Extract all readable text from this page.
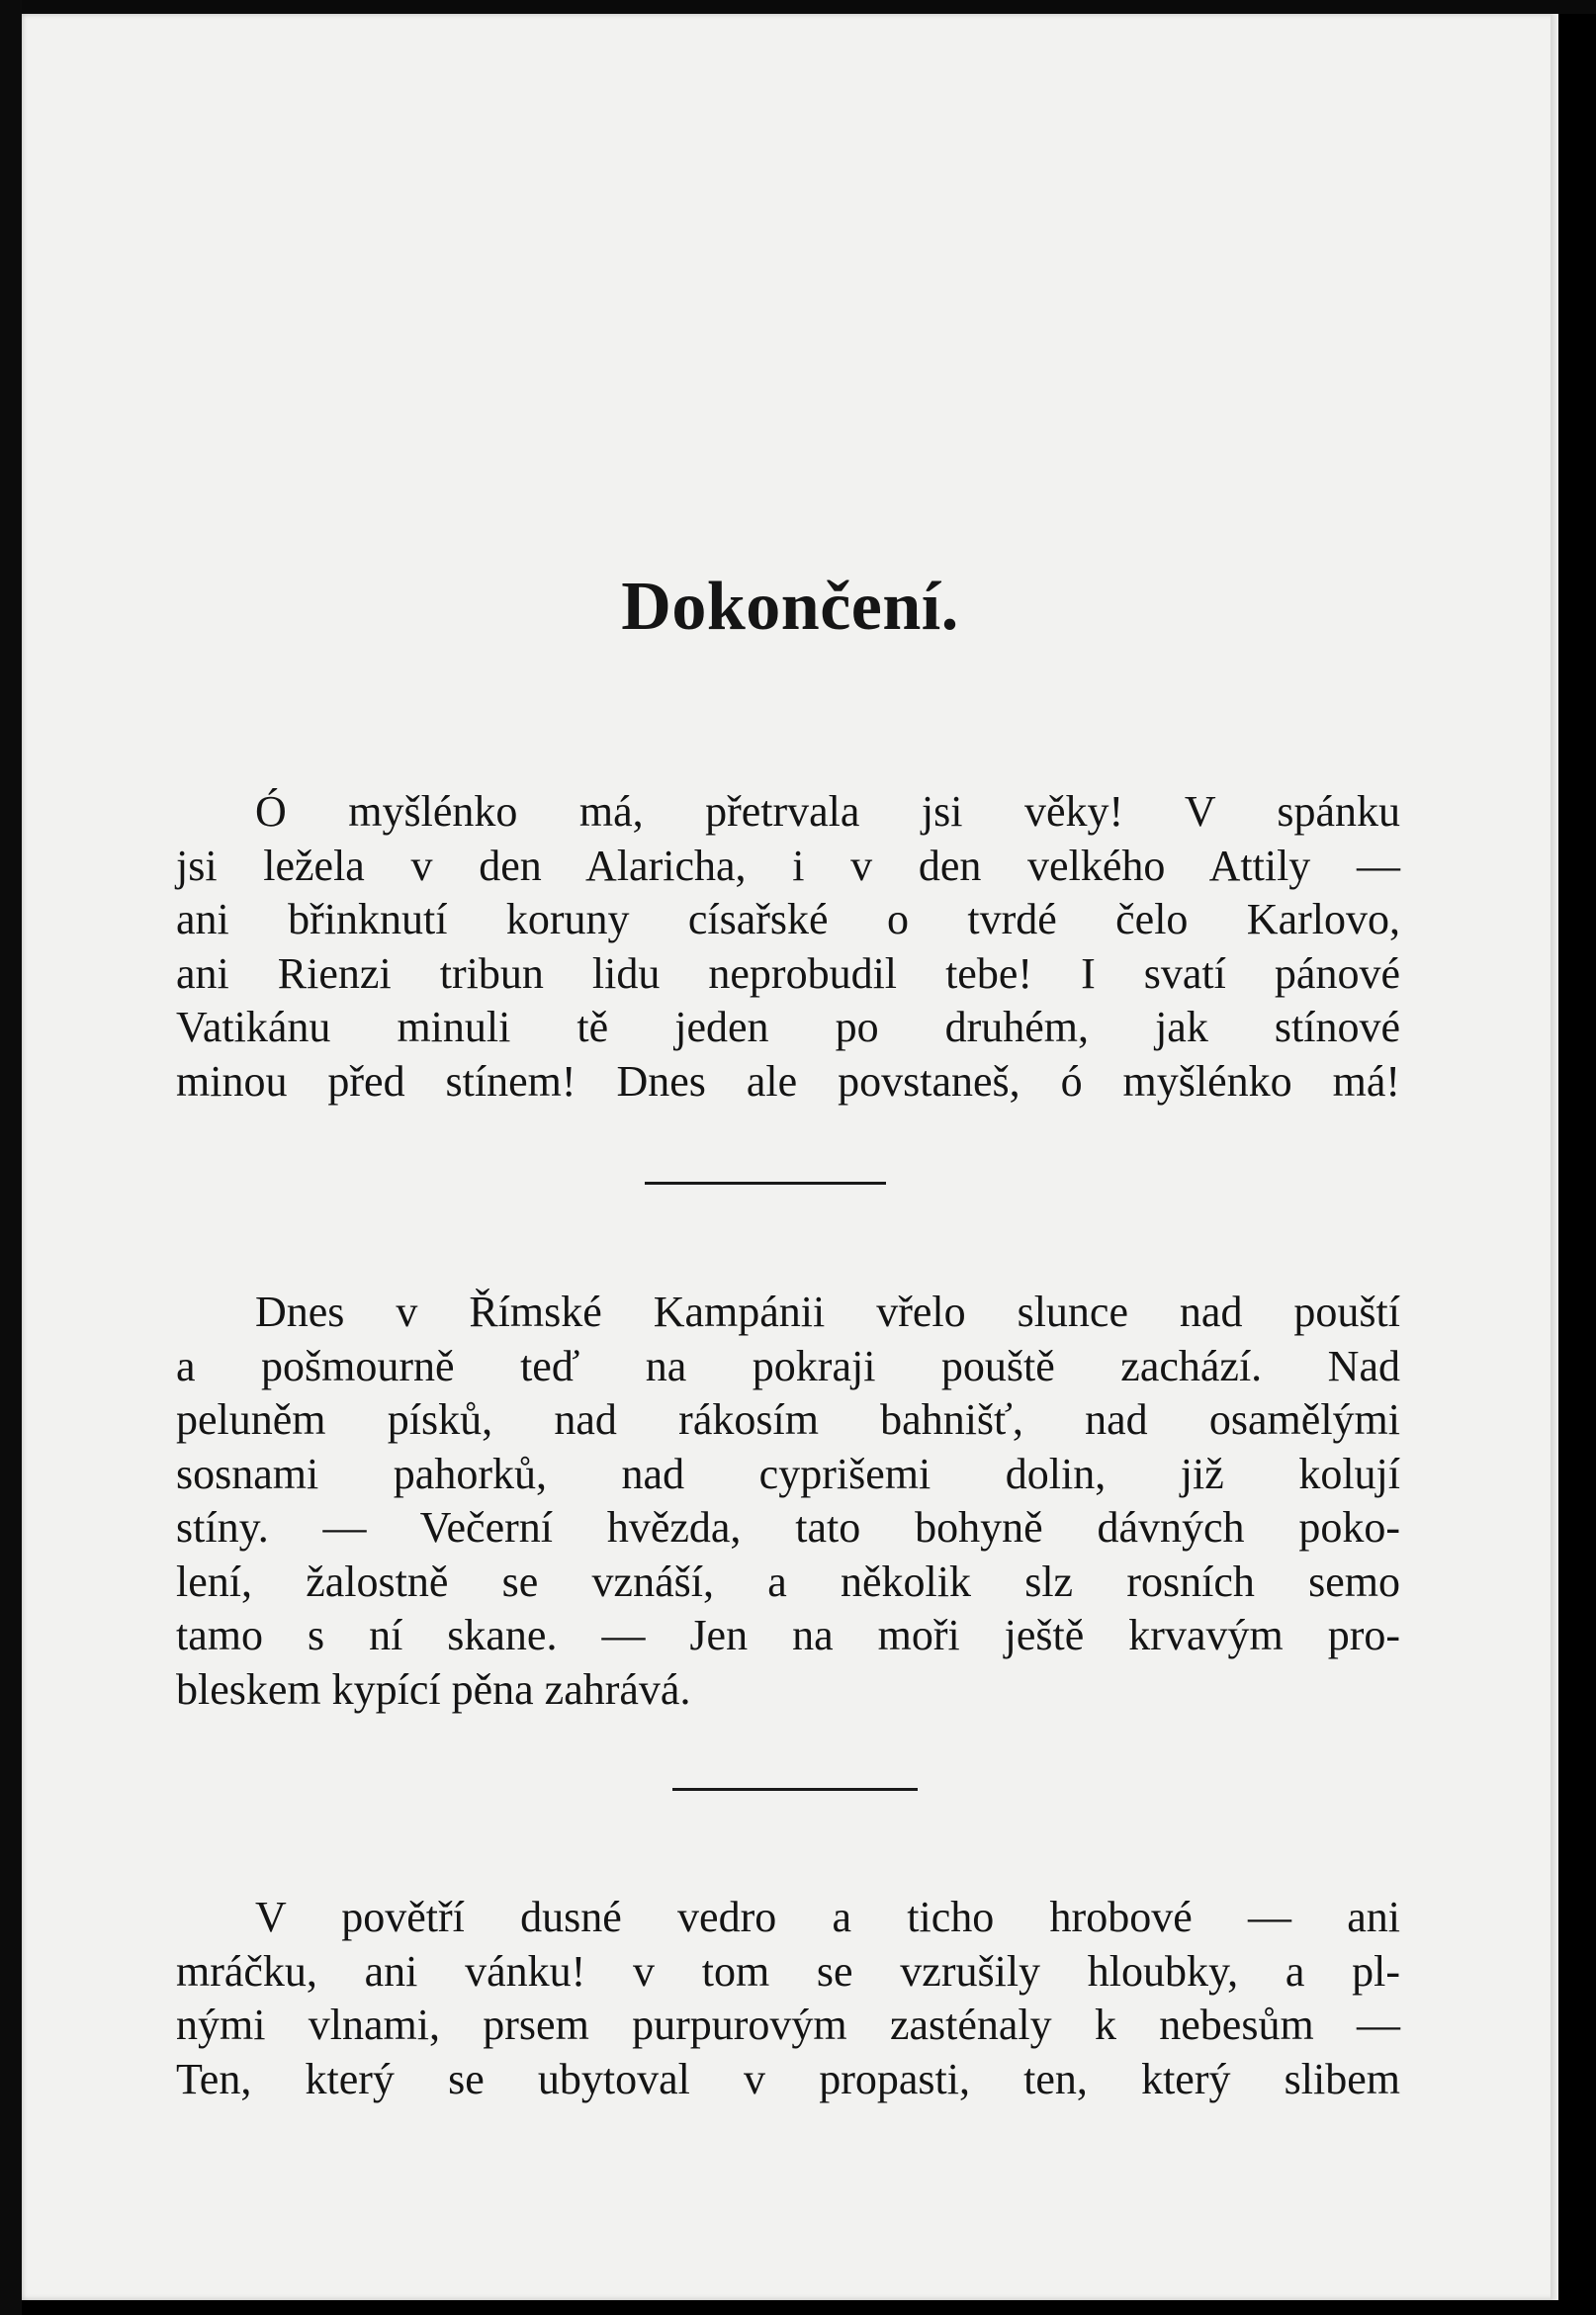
Dokončení.
Ó myšlénko má, přetrvala jsi věky! V spánku
jsi ležela v den Alaricha, i v den velkého Attily —
ani břinknutí koruny císařské o tvrdé čelo Karlovo,
ani Rienzi tribun lidu neprobudil tebe! I svatí pánové
Vatikánu minuli tě jeden po druhém, jak stínové
minou před stínem! Dnes ale povstaneš, ó myšlénko má!
Dnes v Římské Kampánii vřelo slunce nad pouští
a pošmourně teď na pokraji pouště zachází. Nad
peluněm písků, nad rákosím bahnišť, nad osamělými
sosnami pahorků, nad cyprišemi dolin, již kolují
stíny. — Večerní hvězda, tato bohyně dávných poko-
lení, žalostně se vznáší, a několik slz rosních semo
tamo s ní skane. — Jen na moři ještě krvavým pro-
bleskem kypící pěna zahrává.
V povětří dusné vedro a ticho hrobové — ani
mráčku, ani vánku! v tom se vzrušily hloubky, a pl-
nými vlnami, prsem purpurovým zasténaly k nebesům —
Ten, který se ubytoval v propasti, ten, který slibem
